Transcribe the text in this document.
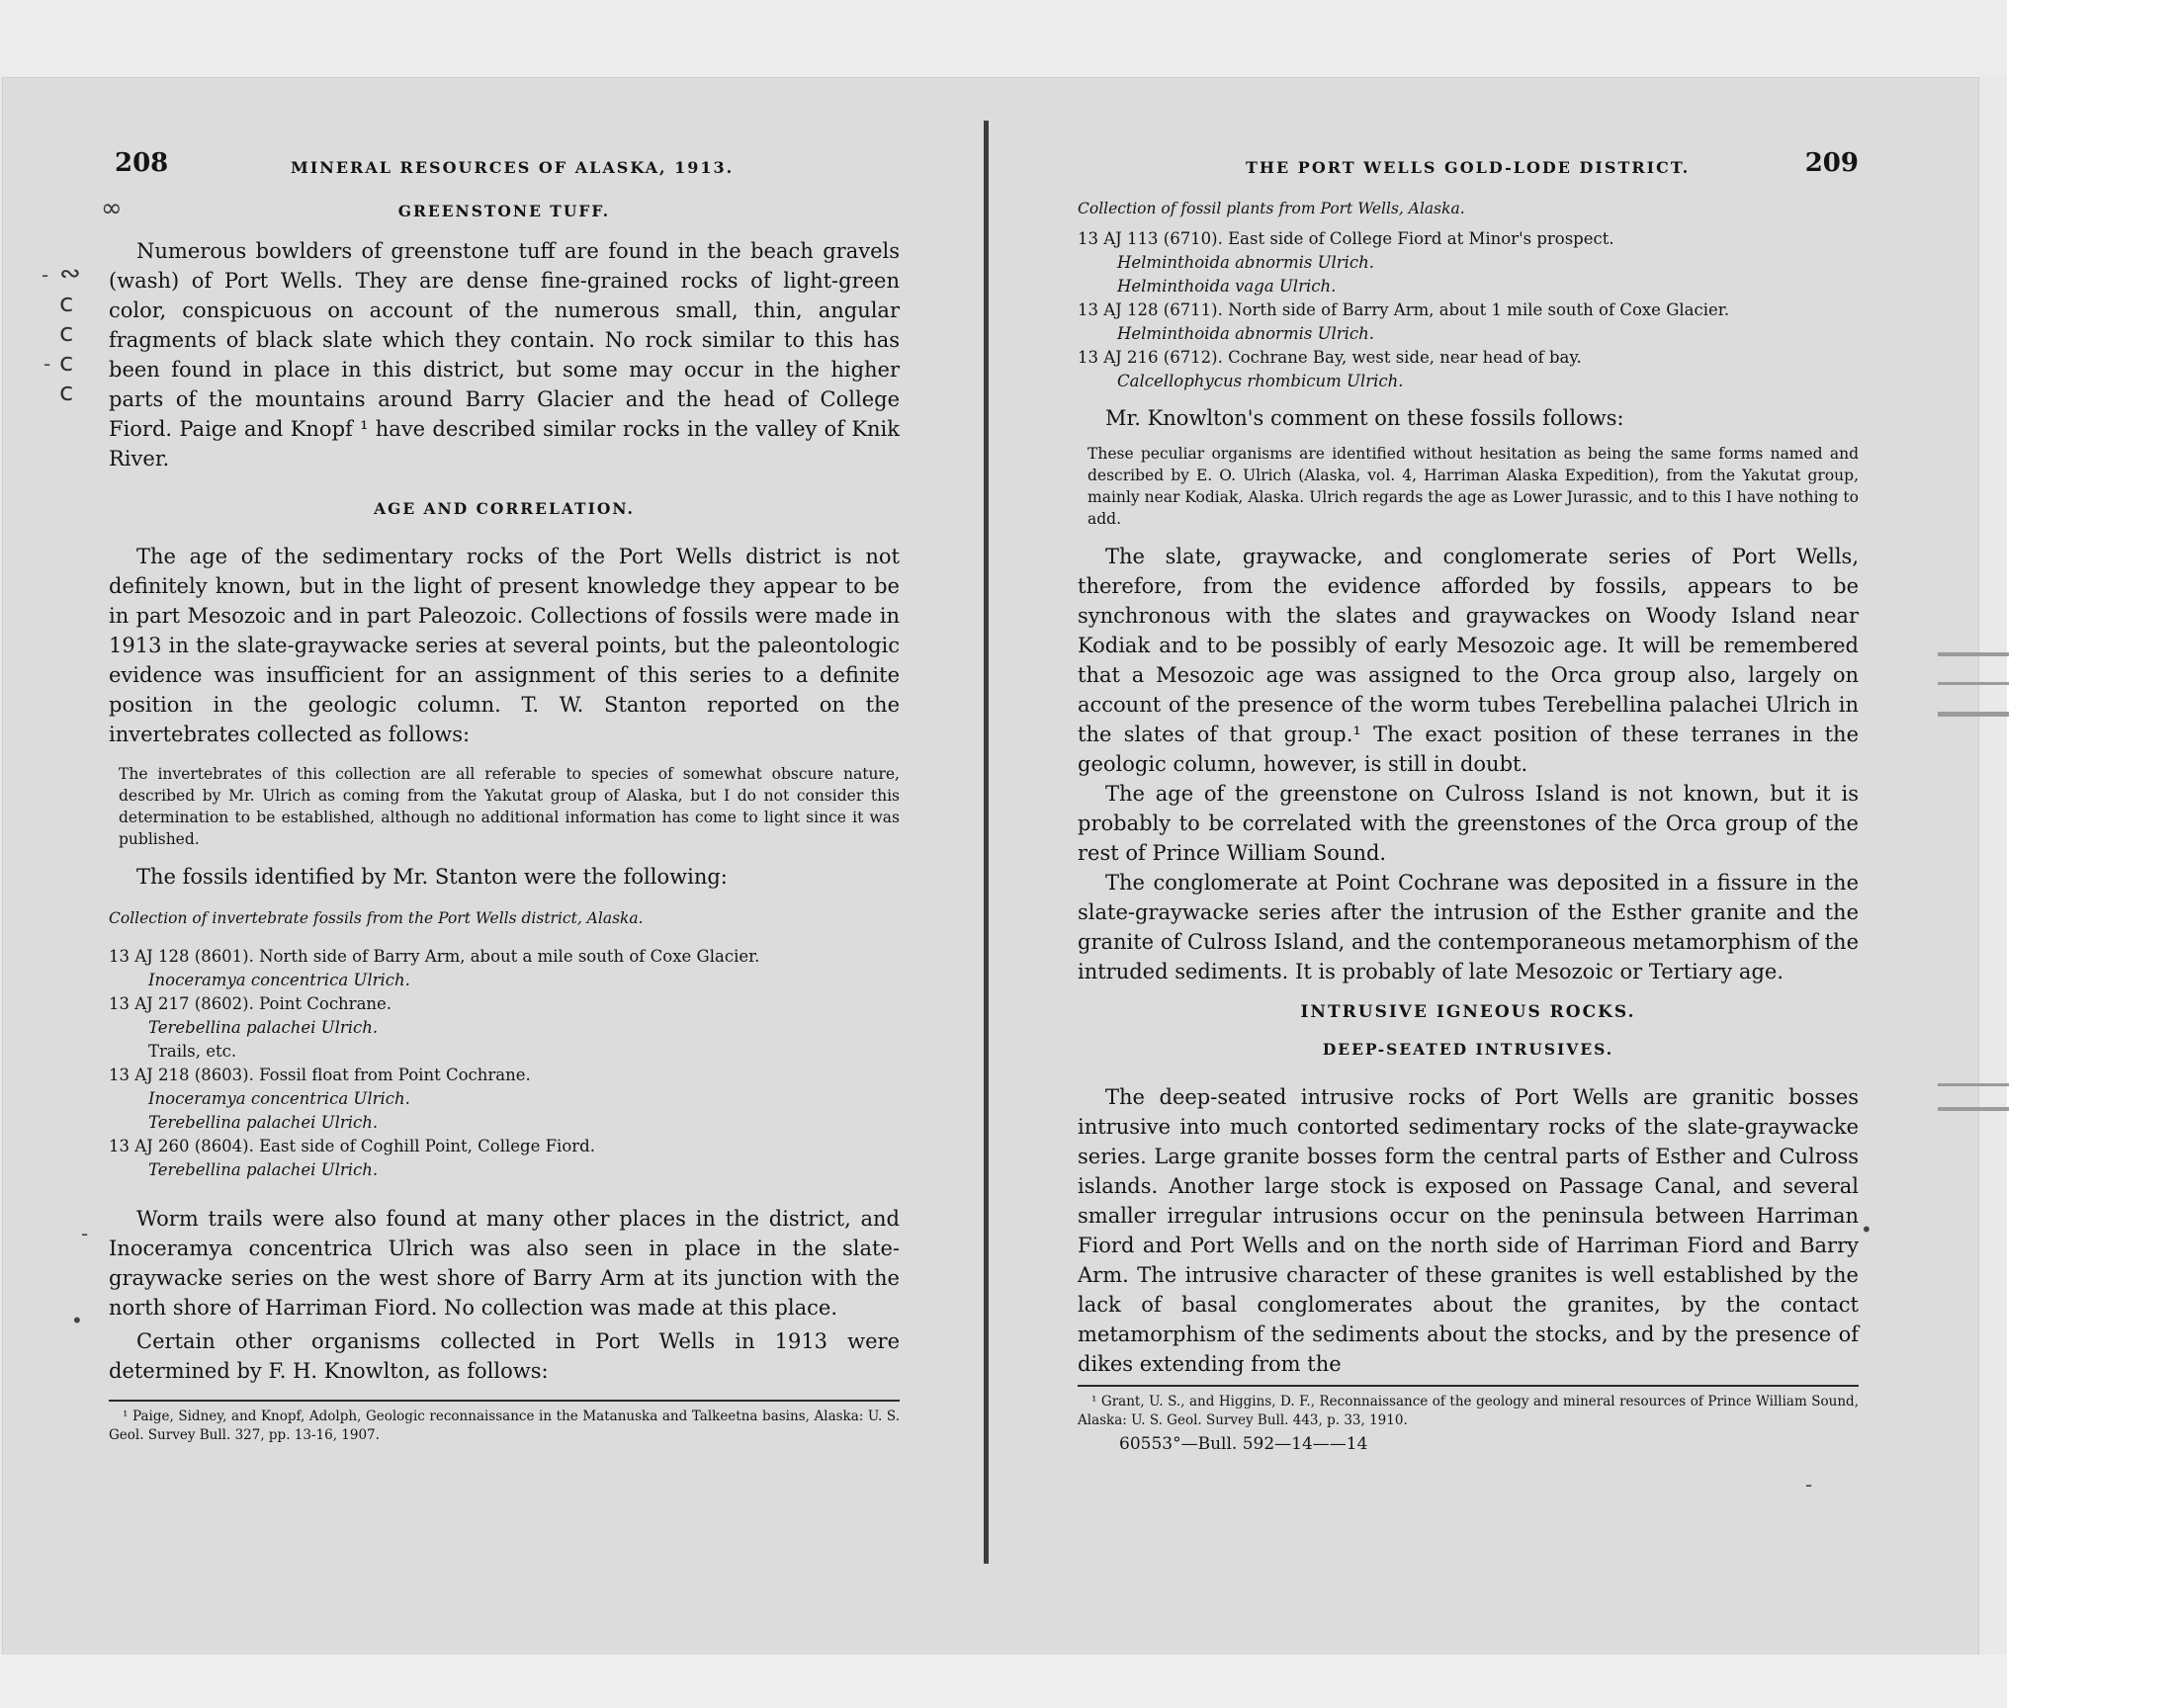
∞
∾
c
c
c
c
-
-
•
-	•
-
208	MINERAL RESOURCES OF ALASKA, 1913.
GREENSTONE TUFF.

Numerous bowlders of greenstone tuff are found in the beach gravels (wash) of Port Wells. They are dense fine-grained rocks of light-green color, conspicuous on account of the numerous small, thin, angular fragments of black slate which they contain. No rock similar to this has been found in place in this district, but some may occur in the higher parts of the mountains around Barry Glacier and the head of College Fiord. Paige and Knopf ¹ have described similar rocks in the valley of Knik River.

AGE AND CORRELATION.

The age of the sedimentary rocks of the Port Wells district is not definitely known, but in the light of present knowledge they appear to be in part Mesozoic and in part Paleozoic. Collections of fossils were made in 1913 in the slate-graywacke series at several points, but the paleontologic evidence was insufficient for an assignment of this series to a definite position in the geologic column. T. W. Stanton reported on the invertebrates collected as follows:

The invertebrates of this collection are all referable to species of somewhat obscure nature, described by Mr. Ulrich as coming from the Yakutat group of Alaska, but I do not consider this determination to be established, although no additional information has come to light since it was published.

The fossils identified by Mr. Stanton were the following:

Collection of invertebrate fossils from the Port Wells district, Alaska.

13 AJ 128 (8601). North side of Barry Arm, about a mile south of Coxe Glacier.
Inoceramya concentrica Ulrich.
13 AJ 217 (8602). Point Cochrane.
Terebellina palachei Ulrich.
Trails, etc.
13 AJ 218 (8603). Fossil float from Point Cochrane.
Inoceramya concentrica Ulrich.
Terebellina palachei Ulrich.
13 AJ 260 (8604). East side of Coghill Point, College Fiord.
Terebellina palachei Ulrich.

Worm trails were also found at many other places in the district, and Inoceramya concentrica Ulrich was also seen in place in the slate-graywacke series on the west shore of Barry Arm at its junction with the north shore of Harriman Fiord. No collection was made at this place.

Certain other organisms collected in Port Wells in 1913 were determined by F. H. Knowlton, as follows:

¹ Paige, Sidney, and Knopf, Adolph, Geologic reconnaissance in the Matanuska and Talkeetna basins, Alaska: U. S. Geol. Survey Bull. 327, pp. 13-16, 1907.

THE PORT WELLS GOLD-LODE DISTRICT.	209

Collection of fossil plants from Port Wells, Alaska.

13 AJ 113 (6710). East side of College Fiord at Minor's prospect.
Helminthoida abnormis Ulrich.
Helminthoida vaga Ulrich.
13 AJ 128 (6711). North side of Barry Arm, about 1 mile south of Coxe Glacier.
Helminthoida abnormis Ulrich.
13 AJ 216 (6712). Cochrane Bay, west side, near head of bay.
Calcellophycus rhombicum Ulrich.

Mr. Knowlton's comment on these fossils follows:

These peculiar organisms are identified without hesitation as being the same forms named and described by E. O. Ulrich (Alaska, vol. 4, Harriman Alaska Expedition), from the Yakutat group, mainly near Kodiak, Alaska. Ulrich regards the age as Lower Jurassic, and to this I have nothing to add.

The slate, graywacke, and conglomerate series of Port Wells, therefore, from the evidence afforded by fossils, appears to be synchronous with the slates and graywackes on Woody Island near Kodiak and to be possibly of early Mesozoic age. It will be remembered that a Mesozoic age was assigned to the Orca group also, largely on account of the presence of the worm tubes Terebellina palachei Ulrich in the slates of that group.¹ The exact position of these terranes in the geologic column, however, is still in doubt.

The age of the greenstone on Culross Island is not known, but it is probably to be correlated with the greenstones of the Orca group of the rest of Prince William Sound.

The conglomerate at Point Cochrane was deposited in a fissure in the slate-graywacke series after the intrusion of the Esther granite and the granite of Culross Island, and the contemporaneous metamorphism of the intruded sediments. It is probably of late Mesozoic or Tertiary age.

INTRUSIVE IGNEOUS ROCKS.
DEEP-SEATED INTRUSIVES.

The deep-seated intrusive rocks of Port Wells are granitic bosses intrusive into much contorted sedimentary rocks of the slate-graywacke series. Large granite bosses form the central parts of Esther and Culross islands. Another large stock is exposed on Passage Canal, and several smaller irregular intrusions occur on the peninsula between Harriman Fiord and Port Wells and on the north side of Harriman Fiord and Barry Arm. The intrusive character of these granites is well established by the lack of basal conglomerates about the granites, by the contact metamorphism of the sediments about the stocks, and by the presence of dikes extending from the

¹ Grant, U. S., and Higgins, D. F., Reconnaissance of the geology and mineral resources of Prince William Sound, Alaska: U. S. Geol. Survey Bull. 443, p. 33, 1910.

60553°—Bull. 592—14——14
